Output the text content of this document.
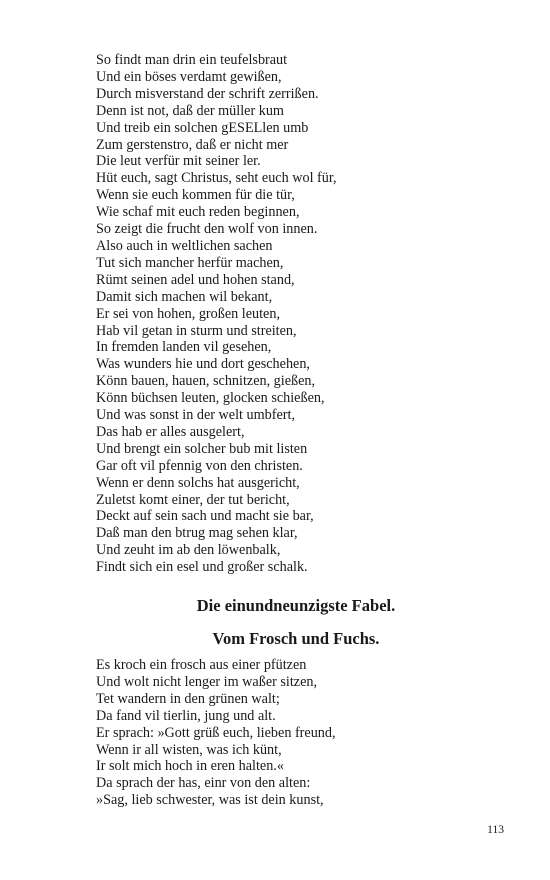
So findt man drin ein teufelsbraut
Und ein böses verdamt gewißen,
Durch misverstand der schrift zerrißen.
Denn ist not, daß der müller kum
Und treib ein solchen gESELlen umb
Zum gerstenstro, daß er nicht mer
Die leut verfür mit seiner ler.
Hüt euch, sagt Christus, seht euch wol für,
Wenn sie euch kommen für die tür,
Wie schaf mit euch reden beginnen,
So zeigt die frucht den wolf von innen.
Also auch in weltlichen sachen
Tut sich mancher herfür machen,
Rümt seinen adel und hohen stand,
Damit sich machen wil bekant,
Er sei von hohen, großen leuten,
Hab vil getan in sturm und streiten,
In fremden landen vil gesehen,
Was wunders hie und dort geschehen,
Könn bauen, hauen, schnitzen, gießen,
Könn büchsen leuten, glocken schießen,
Und was sonst in der welt umbfert,
Das hab er alles ausgelert,
Und brengt ein solcher bub mit listen
Gar oft vil pfennig von den christen.
Wenn er denn solchs hat ausgericht,
Zuletst komt einer, der tut bericht,
Deckt auf sein sach und macht sie bar,
Daß man den btrug mag sehen klar,
Und zeuht im ab den löwenbalk,
Findt sich ein esel und großer schalk.
Die einundneunzigste Fabel.
Vom Frosch und Fuchs.
Es kroch ein frosch aus einer pfützen
Und wolt nicht lenger im waßer sitzen,
Tet wandern in den grünen walt;
Da fand vil tierlin, jung und alt.
Er sprach: »Gott grüß euch, lieben freund,
Wenn ir all wisten, was ich künt,
Ir solt mich hoch in eren halten.«
Da sprach der has, einr von den alten:
»Sag, lieb schwester, was ist dein kunst,
113
